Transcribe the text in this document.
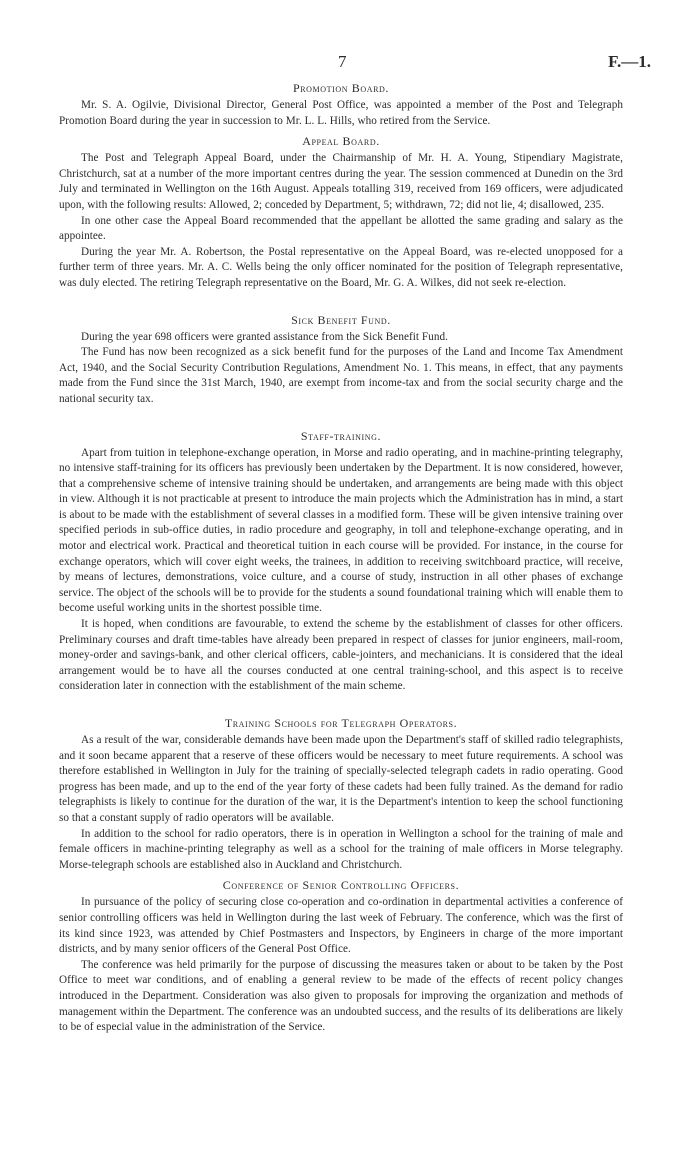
7	F.—1.
Promotion Board.

Mr. S. A. Ogilvie, Divisional Director, General Post Office, was appointed a member of the Post and Telegraph Promotion Board during the year in succession to Mr. L. L. Hills, who retired from the Service.

Appeal Board.

The Post and Telegraph Appeal Board, under the Chairmanship of Mr. H. A. Young, Stipendiary Magistrate, Christchurch, sat at a number of the more important centres during the year. The session commenced at Dunedin on the 3rd July and terminated in Wellington on the 16th August. Appeals totalling 319, received from 169 officers, were adjudicated upon, with the following results: Allowed, 2; conceded by Department, 5; withdrawn, 72; did not lie, 4; disallowed, 235.

In one other case the Appeal Board recommended that the appellant be allotted the same grading and salary as the appointee.

During the year Mr. A. Robertson, the Postal representative on the Appeal Board, was re-elected unopposed for a further term of three years. Mr. A. C. Wells being the only officer nominated for the position of Telegraph representative, was duly elected. The retiring Telegraph representative on the Board, Mr. G. A. Wilkes, did not seek re-election.

Sick Benefit Fund.

During the year 698 officers were granted assistance from the Sick Benefit Fund.

The Fund has now been recognized as a sick benefit fund for the purposes of the Land and Income Tax Amendment Act, 1940, and the Social Security Contribution Regulations, Amendment No. 1. This means, in effect, that any payments made from the Fund since the 31st March, 1940, are exempt from income-tax and from the social security charge and the national security tax.

Staff-training.

Apart from tuition in telephone-exchange operation, in Morse and radio operating, and in machine-printing telegraphy, no intensive staff-training for its officers has previously been undertaken by the Department. It is now considered, however, that a comprehensive scheme of intensive training should be undertaken, and arrangements are being made with this object in view. Although it is not practicable at present to introduce the main projects which the Administration has in mind, a start is about to be made with the establishment of several classes in a modified form. These will be given intensive training over specified periods in sub-office duties, in radio procedure and geography, in toll and telephone-exchange operating, and in motor and electrical work. Practical and theoretical tuition in each course will be provided. For instance, in the course for exchange operators, which will cover eight weeks, the trainees, in addition to receiving switchboard practice, will receive, by means of lectures, demonstrations, voice culture, and a course of study, instruction in all other phases of exchange service. The object of the schools will be to provide for the students a sound foundational training which will enable them to become useful working units in the shortest possible time.

It is hoped, when conditions are favourable, to extend the scheme by the establishment of classes for other officers. Preliminary courses and draft time-tables have already been prepared in respect of classes for junior engineers, mail-room, money-order and savings-bank, and other clerical officers, cable-jointers, and mechanicians. It is considered that the ideal arrangement would be to have all the courses conducted at one central training-school, and this aspect is to receive consideration later in connection with the establishment of the main scheme.

Training Schools for Telegraph Operators.

As a result of the war, considerable demands have been made upon the Department's staff of skilled radio telegraphists, and it soon became apparent that a reserve of these officers would be necessary to meet future requirements. A school was therefore established in Wellington in July for the training of specially-selected telegraph cadets in radio operating. Good progress has been made, and up to the end of the year forty of these cadets had been fully trained. As the demand for radio telegraphists is likely to continue for the duration of the war, it is the Department's intention to keep the school functioning so that a constant supply of radio operators will be available.

In addition to the school for radio operators, there is in operation in Wellington a school for the training of male and female officers in machine-printing telegraphy as well as a school for the training of male officers in Morse telegraphy. Morse-telegraph schools are established also in Auckland and Christchurch.

Conference of Senior Controlling Officers.

In pursuance of the policy of securing close co-operation and co-ordination in departmental activities a conference of senior controlling officers was held in Wellington during the last week of February. The conference, which was the first of its kind since 1923, was attended by Chief Postmasters and Inspectors, by Engineers in charge of the more important districts, and by many senior officers of the General Post Office.

The conference was held primarily for the purpose of discussing the measures taken or about to be taken by the Post Office to meet war conditions, and of enabling a general review to be made of the effects of recent policy changes introduced in the Department. Consideration was also given to proposals for improving the organization and methods of management within the Department. The conference was an undoubted success, and the results of its deliberations are likely to be of especial value in the administration of the Service.
